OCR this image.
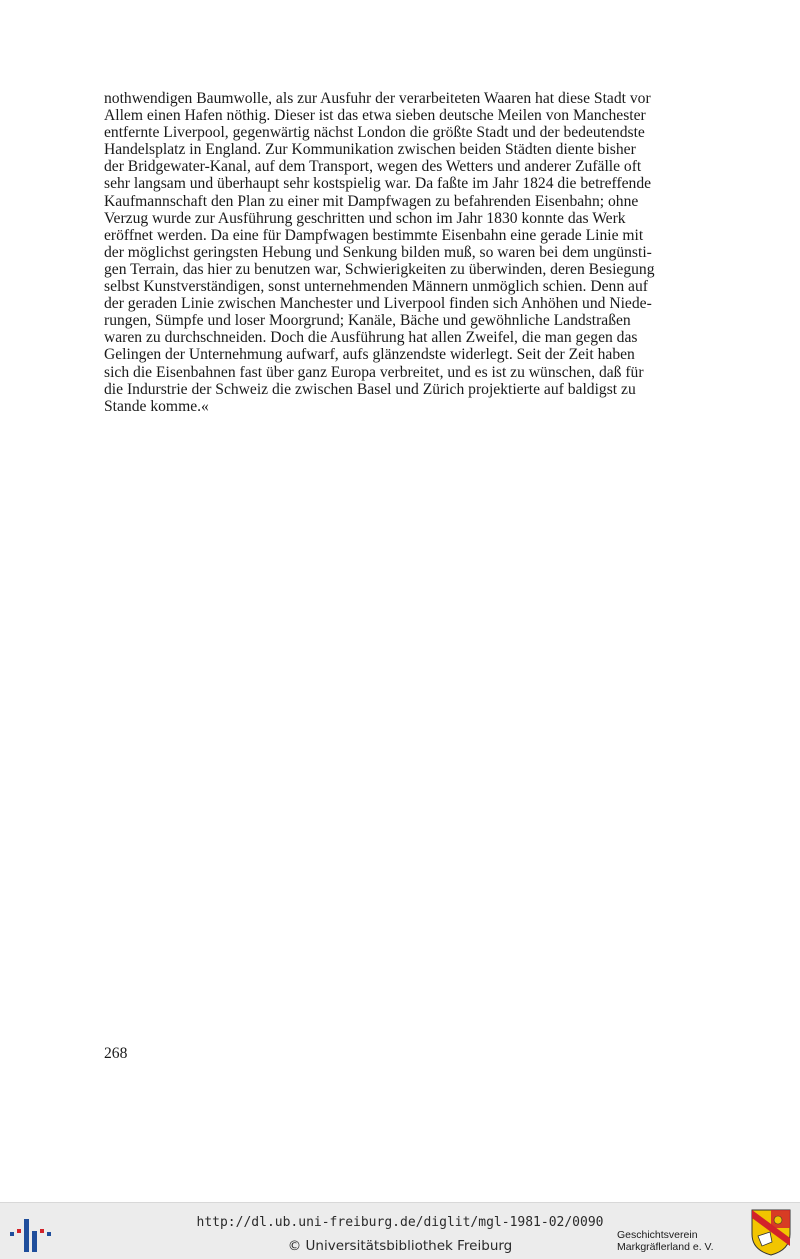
nothwendigen Baumwolle, als zur Ausfuhr der verarbeiteten Waaren hat diese Stadt vor
Allem einen Hafen nöthig. Dieser ist das etwa sieben deutsche Meilen von Manchester
entfernte Liverpool, gegenwärtig nächst London die größte Stadt und der bedeutendste
Handelsplatz in England. Zur Kommunikation zwischen beiden Städten diente bisher
der Bridgewater-Kanal, auf dem Transport, wegen des Wetters und anderer Zufälle oft
sehr langsam und überhaupt sehr kostspielig war. Da faßte im Jahr 1824 die betreffende
Kaufmannschaft den Plan zu einer mit Dampfwagen zu befahrenden Eisenbahn; ohne
Verzug wurde zur Ausführung geschritten und schon im Jahr 1830 konnte das Werk
eröffnet werden. Da eine für Dampfwagen bestimmte Eisenbahn eine gerade Linie mit
der möglichst geringsten Hebung und Senkung bilden muß, so waren bei dem ungünsti-
gen Terrain, das hier zu benutzen war, Schwierigkeiten zu überwinden, deren Besiegung
selbst Kunstverständigen, sonst unternehmenden Männern unmöglich schien. Denn auf
der geraden Linie zwischen Manchester und Liverpool finden sich Anhöhen und Niede-
rungen, Sümpfe und loser Moorgrund; Kanäle, Bäche und gewöhnliche Landstraßen
waren zu durchschneiden. Doch die Ausführung hat allen Zweifel, die man gegen das
Gelingen der Unternehmung aufwarf, aufs glänzendste widerlegt. Seit der Zeit haben
sich die Eisenbahnen fast über ganz Europa verbreitet, und es ist zu wünschen, daß für
die Indurstrie der Schweiz die zwischen Basel und Zürich projektierte auf baldigst zu
Stande komme.«

268
http://dl.ub.uni-freiburg.de/diglit/mgl-1981-02/0090
© Universitätsbibliothek Freiburg
Geschichtsverein
Markgräflerland e. V.
